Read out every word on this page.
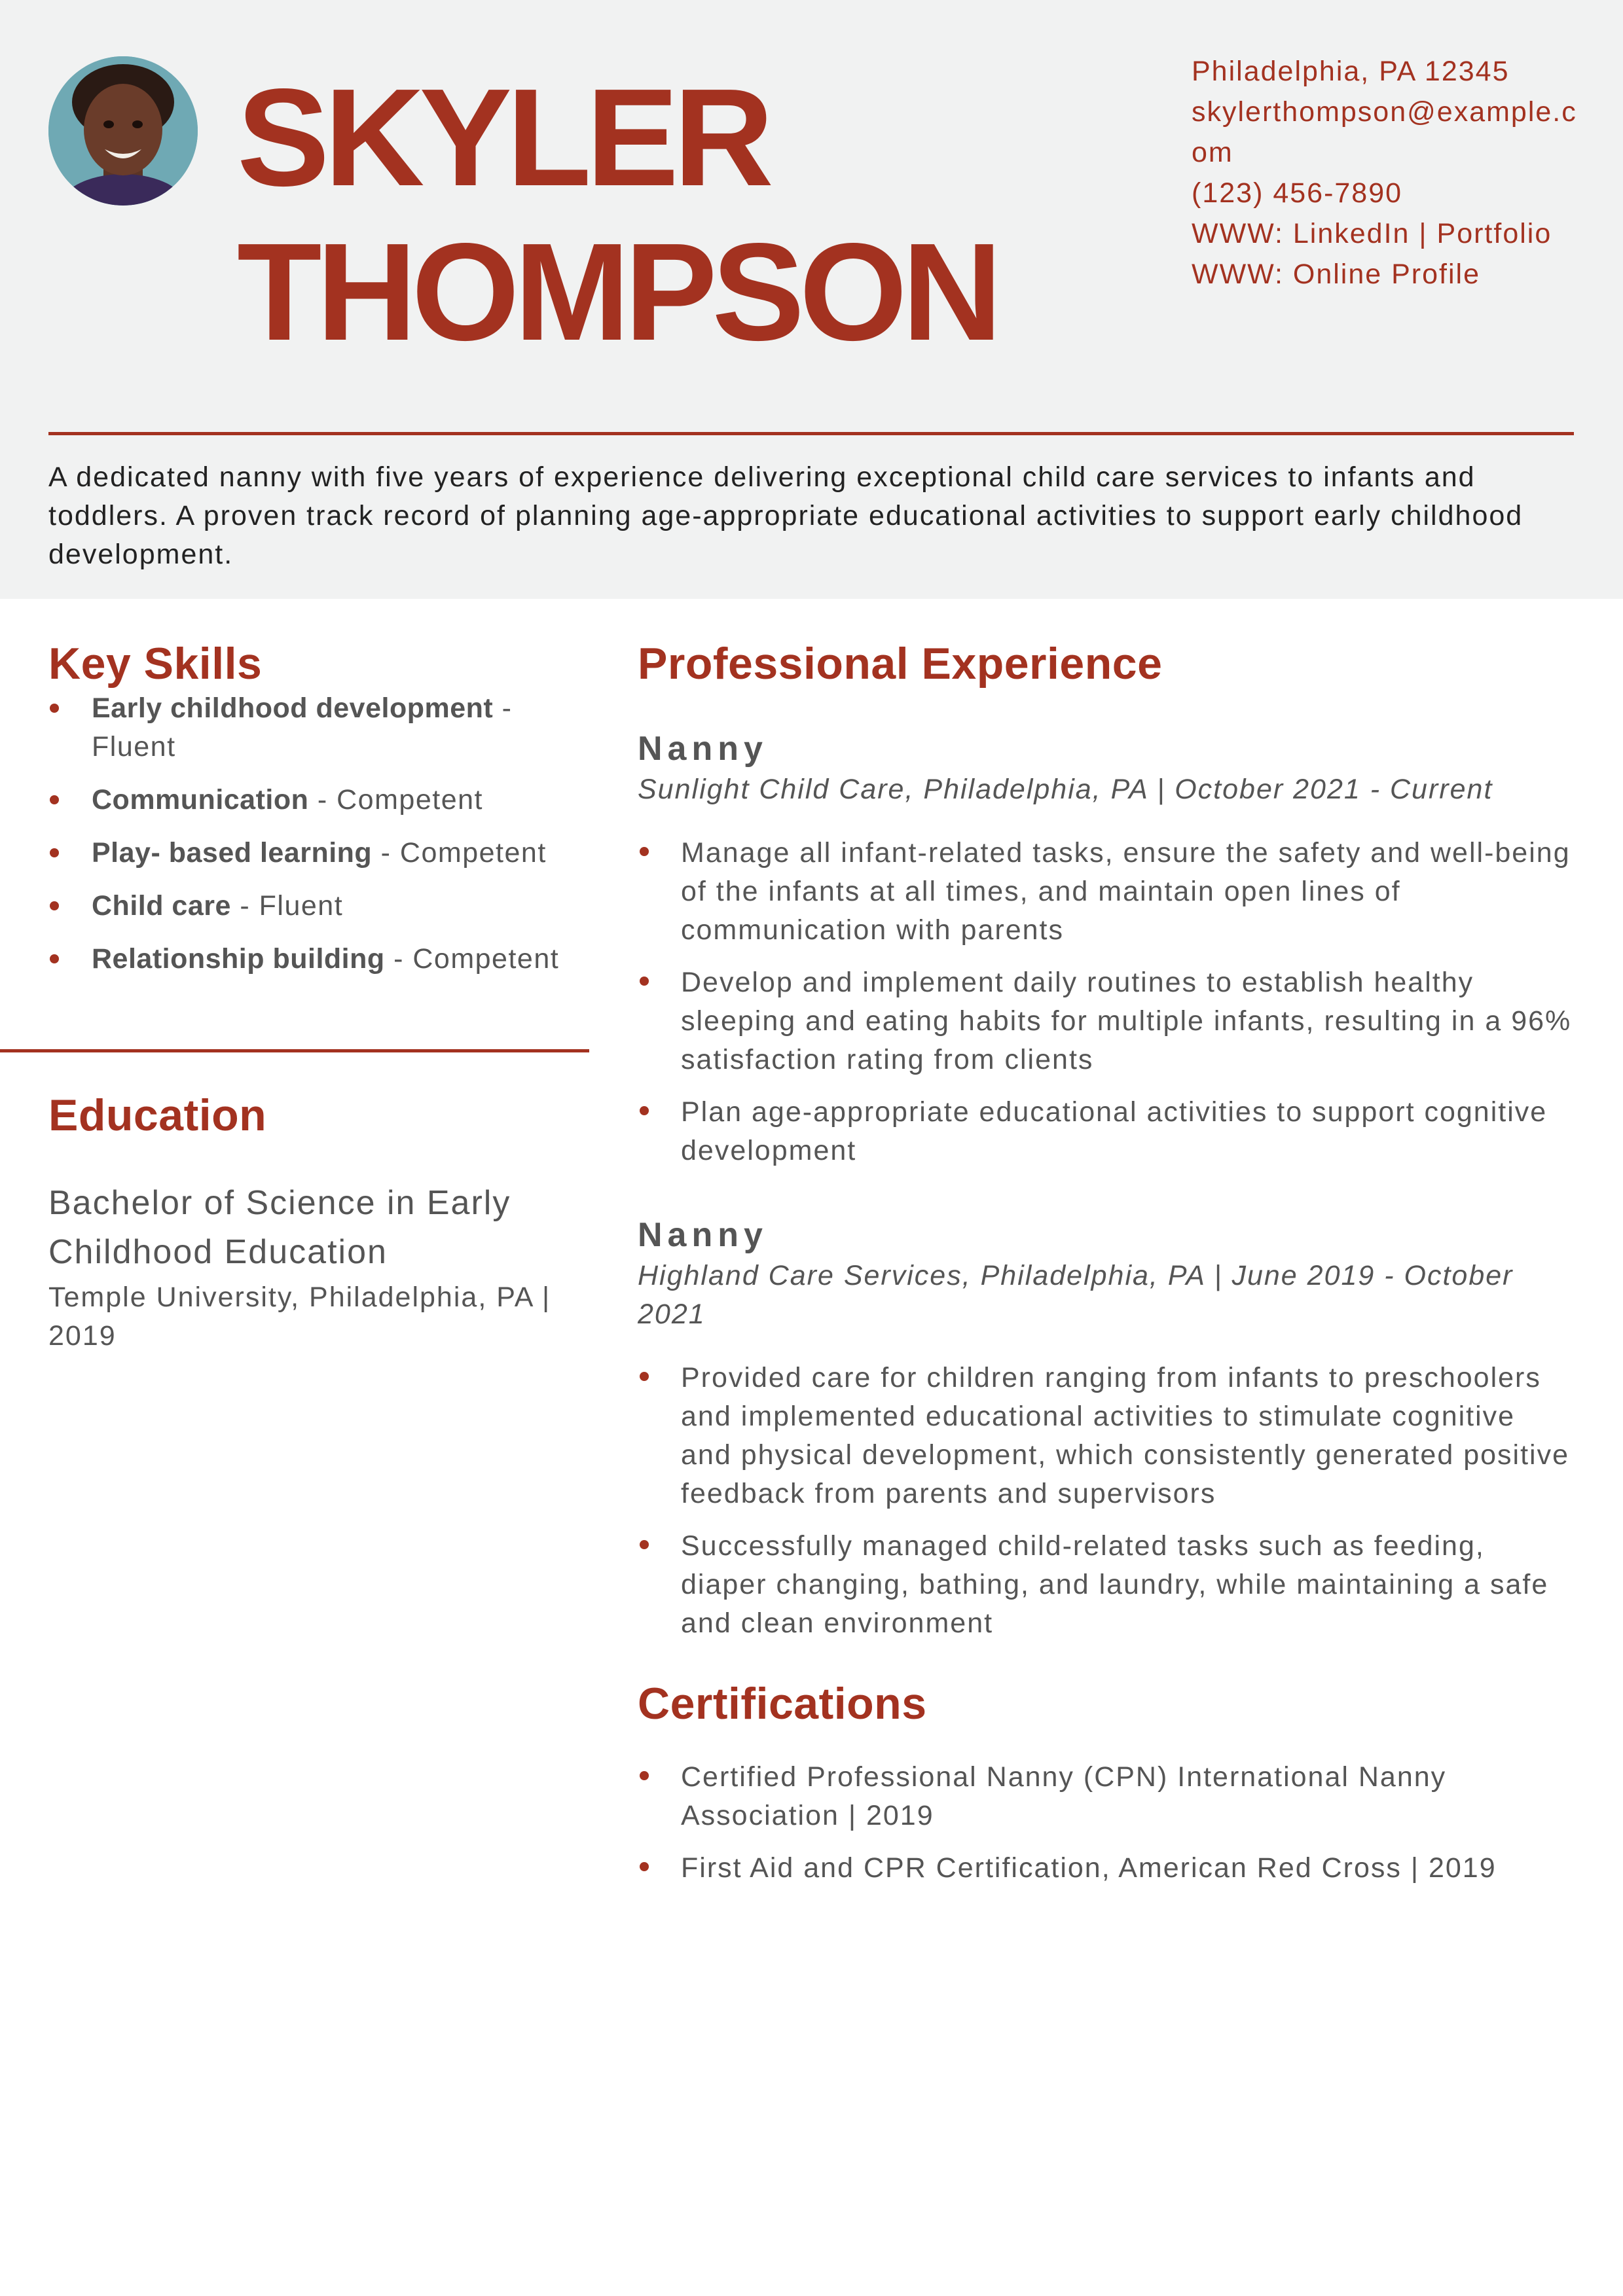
SKYLER
THOMPSON
Philadelphia, PA 12345
skylerthompson@example.com
(123) 456-7890
WWW: LinkedIn | Portfolio
WWW: Online Profile
A dedicated nanny with five years of experience delivering exceptional child care services to infants and toddlers. A proven track record of planning age-appropriate educational activities to support early childhood development.
Key Skills
Early childhood development - Fluent
Communication - Competent
Play- based learning - Competent
Child care - Fluent
Relationship building - Competent
Education
Bachelor of Science in Early Childhood Education
Temple University, Philadelphia, PA | 2019
Professional Experience
Nanny
Sunlight Child Care, Philadelphia, PA | October 2021 - Current
Manage all infant-related tasks, ensure the safety and well-being of the infants at all times, and maintain open lines of communication with parents
Develop and implement daily routines to establish healthy sleeping and eating habits for multiple infants, resulting in a 96% satisfaction rating from clients
Plan age-appropriate educational activities to support cognitive development
Nanny
Highland Care Services, Philadelphia, PA | June 2019 - October 2021
Provided care for children ranging from infants to preschoolers and implemented educational activities to stimulate cognitive and physical development, which consistently generated positive feedback from parents and supervisors
Successfully managed child-related tasks such as feeding, diaper changing, bathing, and laundry, while maintaining a safe and clean environment
Certifications
Certified Professional Nanny (CPN) International Nanny Association | 2019
First Aid and CPR Certification, American Red Cross | 2019
